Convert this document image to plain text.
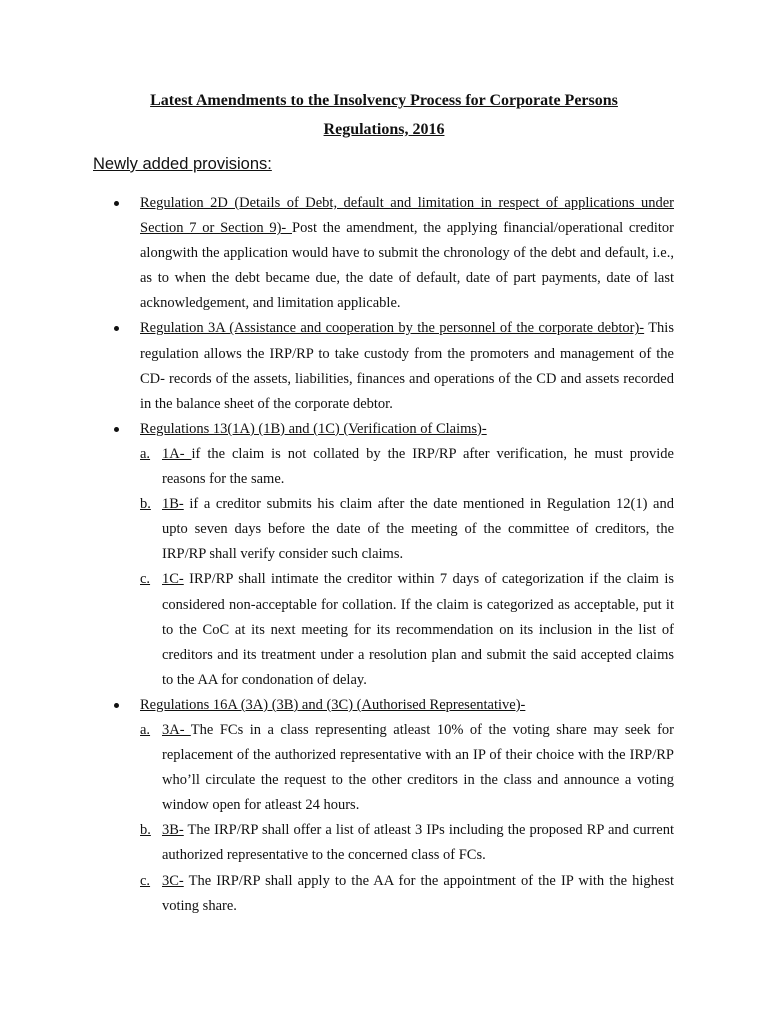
Latest Amendments to the Insolvency Process for Corporate Persons
Regulations, 2016
Newly added provisions:
Regulation 2D (Details of Debt, default and limitation in respect of applications under Section 7 or Section 9)- Post the amendment, the applying financial/operational creditor alongwith the application would have to submit the chronology of the debt and default, i.e., as to when the debt became due, the date of default, date of part payments, date of last acknowledgement, and limitation applicable.
Regulation 3A (Assistance and cooperation by the personnel of the corporate debtor)- This regulation allows the IRP/RP to take custody from the promoters and management of the CD- records of the assets, liabilities, finances and operations of the CD and assets recorded in the balance sheet of the corporate debtor.
Regulations 13(1A) (1B) and (1C) (Verification of Claims)-
a. 1A- if the claim is not collated by the IRP/RP after verification, he must provide reasons for the same.
b. 1B- if a creditor submits his claim after the date mentioned in Regulation 12(1) and upto seven days before the date of the meeting of the committee of creditors, the IRP/RP shall verify consider such claims.
c. 1C- IRP/RP shall intimate the creditor within 7 days of categorization if the claim is considered non-acceptable for collation. If the claim is categorized as acceptable, put it to the CoC at its next meeting for its recommendation on its inclusion in the list of creditors and its treatment under a resolution plan and submit the said accepted claims to the AA for condonation of delay.
Regulations 16A (3A) (3B) and (3C) (Authorised Representative)-
a. 3A- The FCs in a class representing atleast 10% of the voting share may seek for replacement of the authorized representative with an IP of their choice with the IRP/RP who’ll circulate the request to the other creditors in the class and announce a voting window open for atleast 24 hours.
b. 3B- The IRP/RP shall offer a list of atleast 3 IPs including the proposed RP and current authorized representative to the concerned class of FCs.
c. 3C- The IRP/RP shall apply to the AA for the appointment of the IP with the highest voting share.
